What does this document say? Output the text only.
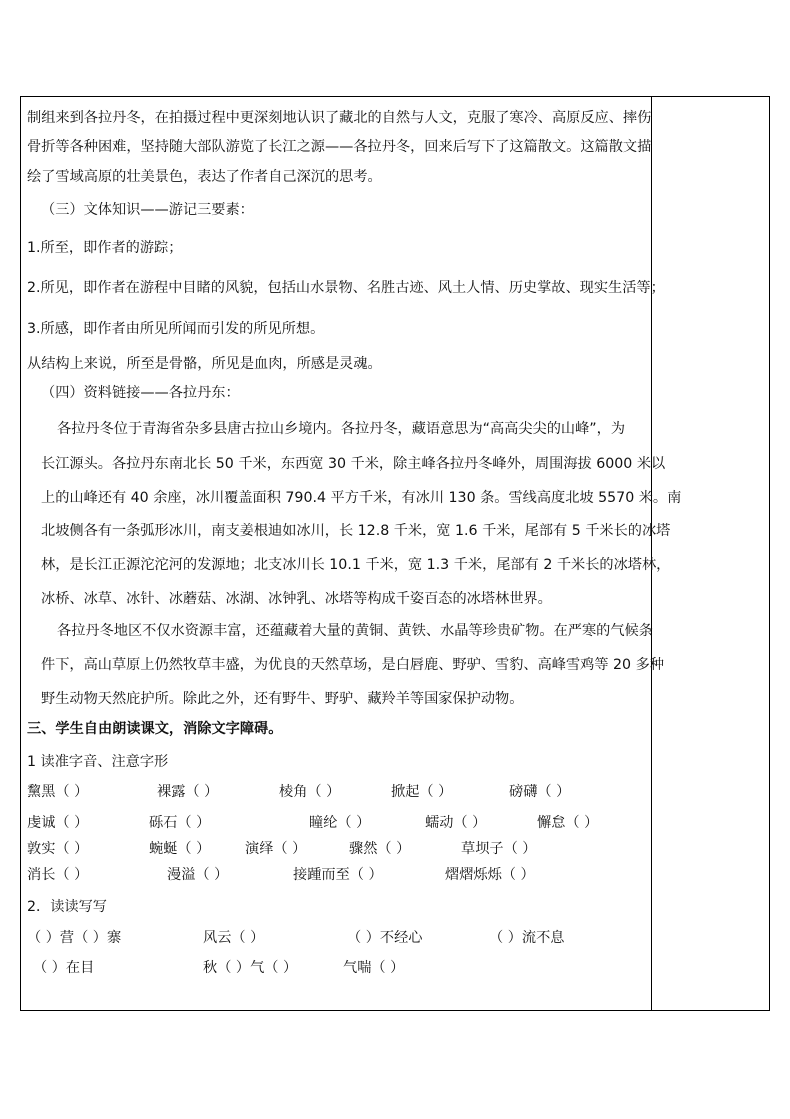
制组来到各拉丹冬，在拍摄过程中更深刻地认识了藏北的自然与人文，克服了寒冷、高原反应、摔伤
骨折等各种困难，坚持随大部队游览了长江之源——各拉丹冬，回来后写下了这篇散文。这篇散文描
绘了雪域高原的壮美景色，表达了作者自己深沉的思考。
（三）文体知识——游记三要素：
1.所至，即作者的游踪；
2.所见，即作者在游程中目睹的风貌，包括山水景物、名胜古迹、风土人情、历史掌故、现实生活等；
3.所感，即作者由所见所闻而引发的所见所想。
从结构上来说，所至是骨骼，所见是血肉，所感是灵魂。
（四）资料链接——各拉丹东：
各拉丹冬位于青海省杂多县唐古拉山乡境内。各拉丹冬，藏语意思为“高高尖尖的山峰”，为
长江源头。各拉丹东南北长 50 千米，东西宽 30 千米，除主峰各拉丹冬峰外，周围海拔 6000 米以
上的山峰还有 40 余座，冰川覆盖面积 790.4 平方千米，有冰川 130 条。雪线高度北坡 5570 米。南
北坡侧各有一条弧形冰川，南支姜根迪如冰川，长 12.8 千米，宽 1.6 千米，尾部有 5 千米长的冰塔
林，是长江正源沱沱河的发源地；北支冰川长 10.1 千米，宽 1.3 千米，尾部有 2 千米长的冰塔林，
冰桥、冰草、冰针、冰蘑菇、冰湖、冰钟乳、冰塔等构成千姿百态的冰塔林世界。
各拉丹冬地区不仅水资源丰富，还蕴藏着大量的黄铜、黄铁、水晶等珍贵矿物。在严寒的气候条
件下，高山草原上仍然牧草丰盛，为优良的天然草场，是白唇鹿、野驴、雪豹、高峰雪鸡等 20 多种
野生动物天然庇护所。除此之外，还有野牛、野驴、藏羚羊等国家保护动物。
三、学生自由朗读课文，消除文字障碍。
1 读准字音、注意字形
黧黑（ ）	裸露（ ）	棱角（ ）	掀起（ ）	磅礴（ ）
虔诚（ ）	砾石（ ）	瞳纶（ ）	蠕动（ ）	懈怠（ ）
敦实（ ）	蜿蜒（ ） 演绎（ ）	骤然（ ）	草坝子（ ）
消长（ ）	漫溢（ ）	接踵而至（ ）	熠熠烁烁（ ）
2．读读写写
（ ）营（ ）寨	风云（ ）	（ ）不经心	（ ）流不息
（ ）在目	秋（ ）气（ ）	气喘（ ）
